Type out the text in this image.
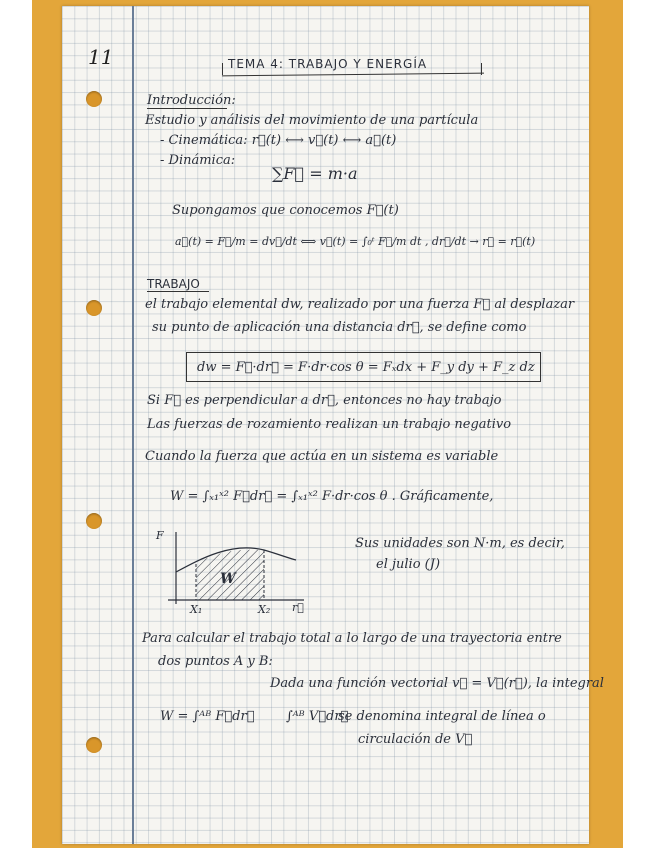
11	TEMA 4: TRABAJO Y ENERGÍA
Introducción:
Estudio y análisis del movimiento de una partícula
- Cinemática: r⃗(t) ⟷ v⃗(t) ⟷ a⃗(t)
- Dinámica:
∑F⃗ = m·a
Supongamos que conocemos F⃗(t)
a⃗(t) = F⃗/m = dv⃗/dt ⟺ v⃗(t) = ∫₀ᵗ F⃗/m dt , dr⃗/dt → r⃗ = r⃗(t)
TRABAJO
el trabajo elemental dw, realizado por una fuerza F⃗ al desplazar
su punto de aplicación una distancia dr⃗, se define como
dw = F⃗·dr⃗ = F·dr·cos θ = Fₓdx + F_y dy + F_z dz
Si F⃗ es perpendicular a dr⃗, entonces no hay trabajo
Las fuerzas de rozamiento realizan un trabajo negativo
Cuando la fuerza que actúa en un sistema es variable
W = ∫ₓ₁ˣ² F⃗dr⃗ = ∫ₓ₁ˣ² F·dr·cos θ . Gráficamente,
Sus unidades son N·m, es decir,
el julio (J)
F
W
X₁	X₂ r⃗
Para calcular el trabajo total a lo largo de una trayectoria entre
dos puntos A y B:
Dada una función vectorial v⃗ = V⃗(r⃗), la integral
W = ∫ᴬᴮ F⃗dr⃗ ∫ᴬᴮ V⃗dr⃗
se denomina integral de línea o
circulación de V⃗
